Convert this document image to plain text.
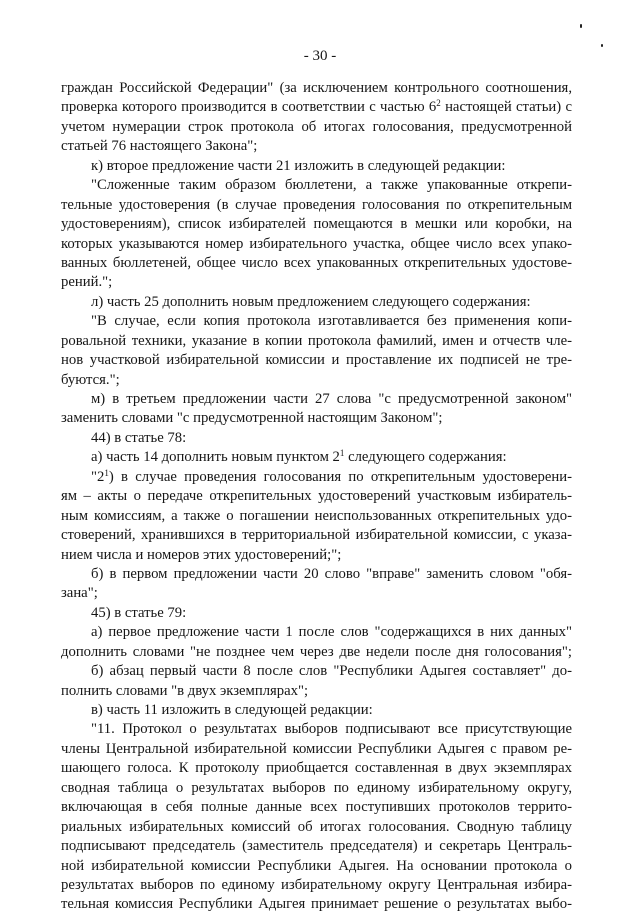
- 30 -
граждан Российской Федерации" (за исключением контрольного соотношения,
проверка которого производится в соответствии с частью $6^2$ настоящей статьи) с
учетом нумерации строк протокола об итогах голосования, предусмотренной
статьей 76 настоящего Закона";
к) второе предложение части 21 изложить в следующей редакции:
"Сложенные таким образом бюллетени, а также упакованные открепи-
тельные удостоверения (в случае проведения голосования по открепительным
удостоверениям), список избирателей помещаются в мешки или коробки, на
которых указываются номер избирательного участка, общее число всех упако-
ванных бюллетеней, общее число всех упакованных открепительных удостове-
рений.";
л) часть 25 дополнить новым предложением следующего содержания:
"В случае, если копия протокола изготавливается без применения копи-
ровальной техники, указание в копии протокола фамилий, имен и отчеств чле-
нов участковой избирательной комиссии и проставление их подписей не тре-
буются.";
м) в третьем предложении части 27 слова "с предусмотренной законом"
заменить словами "с предусмотренной настоящим Законом";
44) в статье 78:
а) часть 14 дополнить новым пунктом $2^1$ следующего содержания:
"$2^1$) в случае проведения голосования по открепительным удостоверени-
ям – акты о передаче открепительных удостоверений участковым избиратель-
ным комиссиям, а также о погашении неиспользованных открепительных удо-
стоверений, хранившихся в территориальной избирательной комиссии, с указа-
нием числа и номеров этих удостоверений;";
б) в первом предложении части 20 слово "вправе" заменить словом "обя-
зана";
45) в статье 79:
а) первое предложение части 1 после слов "содержащихся в них данных"
дополнить словами "не позднее чем через две недели после дня голосования";
б) абзац первый части 8 после слов "Республики Адыгея составляет" до-
полнить словами "в двух экземплярах";
в) часть 11 изложить в следующей редакции:
"11. Протокол о результатах выборов подписывают все присутствующие
члены Центральной избирательной комиссии Республики Адыгея с правом ре-
шающего голоса. К протоколу приобщается составленная в двух экземплярах
сводная таблица о результатах выборов по единому избирательному округу,
включающая в себя полные данные всех поступивших протоколов террито-
риальных избирательных комиссий об итогах голосования. Сводную таблицу
подписывают председатель (заместитель председателя) и секретарь Централь-
ной избирательной комиссии Республики Адыгея. На основании протокола о
результатах выборов по единому избирательному округу Центральная избира-
тельная комиссия Республики Адыгея принимает решение о результатах выбо-
